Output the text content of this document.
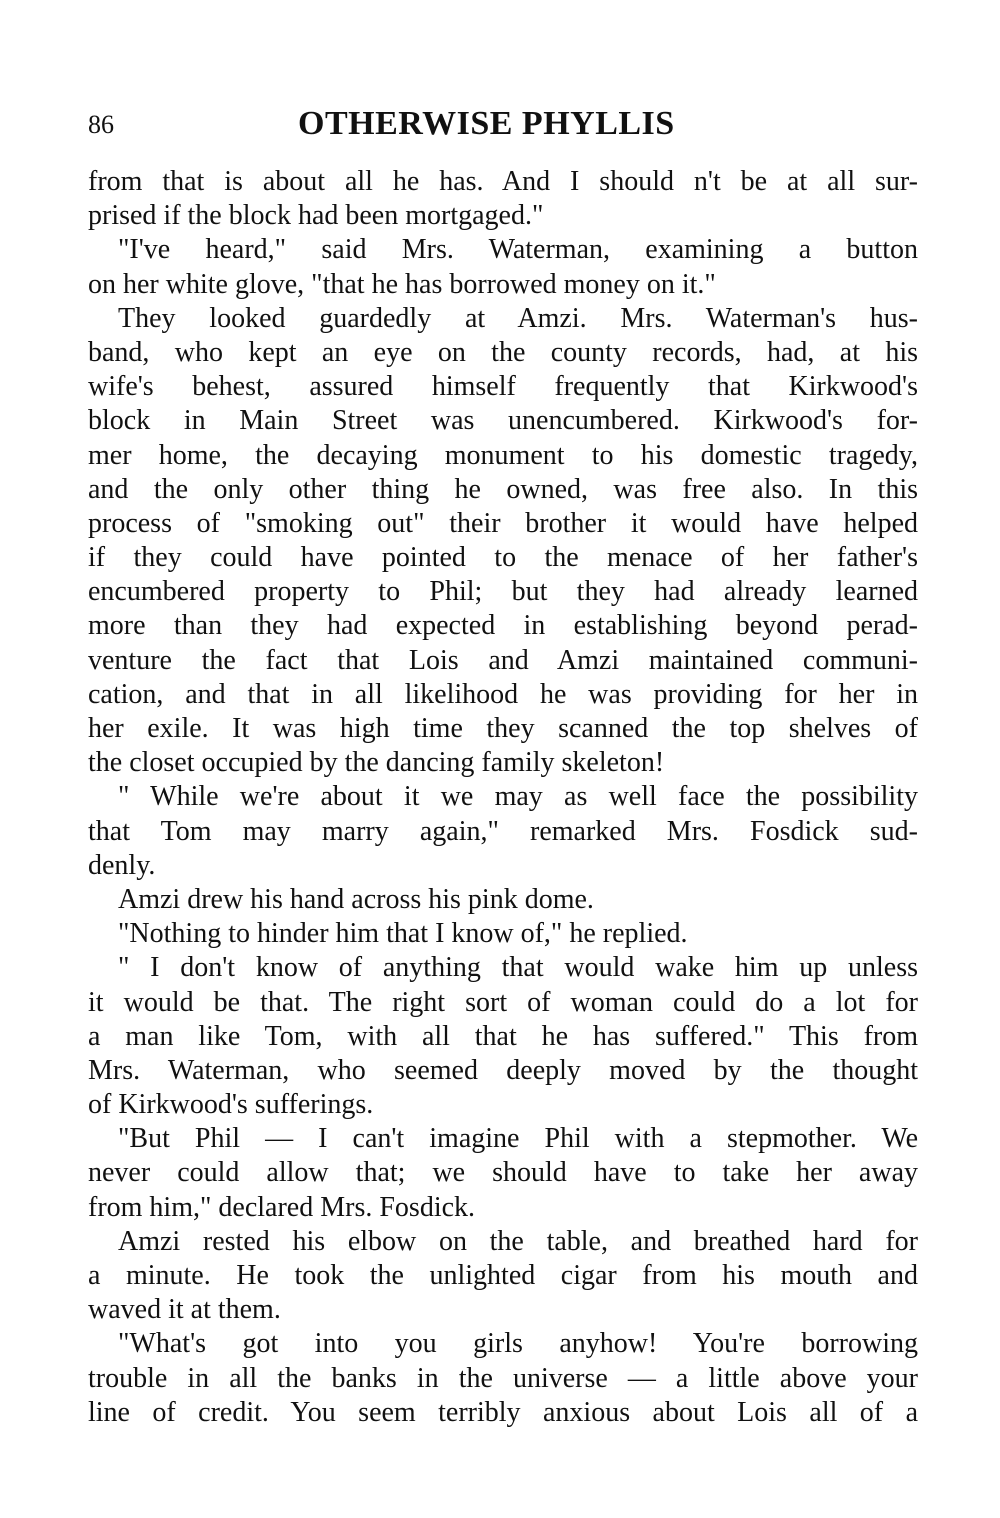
86	OTHERWISE PHYLLIS
from that is about all he has. And I should n't be at all sur-
prised if the block had been mortgaged."
"I've heard," said Mrs. Waterman, examining a button
on her white glove, "that he has borrowed money on it."
They looked guardedly at Amzi. Mrs. Waterman's hus-
band, who kept an eye on the county records, had, at his
wife's behest, assured himself frequently that Kirkwood's
block in Main Street was unencumbered. Kirkwood's for-
mer home, the decaying monument to his domestic tragedy,
and the only other thing he owned, was free also. In this
process of "smoking out" their brother it would have helped
if they could have pointed to the menace of her father's
encumbered property to Phil; but they had already learned
more than they had expected in establishing beyond perad-
venture the fact that Lois and Amzi maintained communi-
cation, and that in all likelihood he was providing for her in
her exile. It was high time they scanned the top shelves of
the closet occupied by the dancing family skeleton!
" While we're about it we may as well face the possibility
that Tom may marry again," remarked Mrs. Fosdick sud-
denly.
Amzi drew his hand across his pink dome.
"Nothing to hinder him that I know of," he replied.
" I don't know of anything that would wake him up unless
it would be that. The right sort of woman could do a lot for
a man like Tom, with all that he has suffered." This from
Mrs. Waterman, who seemed deeply moved by the thought
of Kirkwood's sufferings.
"But Phil — I can't imagine Phil with a stepmother. We
never could allow that; we should have to take her away
from him," declared Mrs. Fosdick.
Amzi rested his elbow on the table, and breathed hard for
a minute. He took the unlighted cigar from his mouth and
waved it at them.
"What's got into you girls anyhow! You're borrowing
trouble in all the banks in the universe — a little above your
line of credit. You seem terribly anxious about Lois all of a
